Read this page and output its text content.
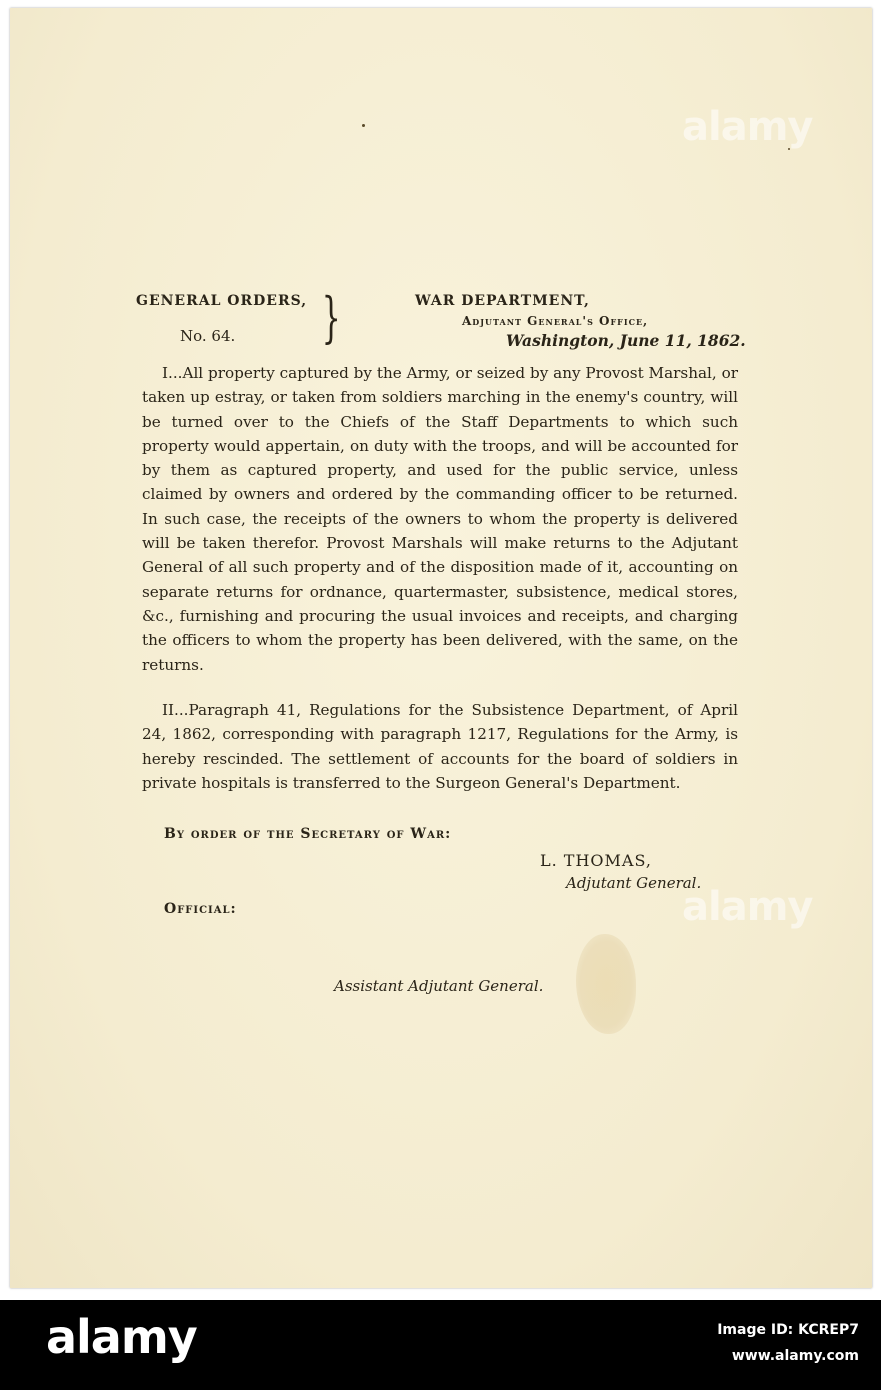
alamy
alamy
GENERAL ORDERS,
No. 64. }	WAR DEPARTMENT,
Adjutant General's Office,
Washington, June 11, 1862.

I...All property captured by the Army, or seized by any Provost Marshal, or taken up estray, or taken from soldiers marching in the enemy's country, will be turned over to the Chiefs of the Staff Departments to which such property would appertain, on duty with the troops, and will be accounted for by them as captured property, and used for the public service, unless claimed by owners and ordered by the commanding officer to be returned. In such case, the receipts of the owners to whom the property is delivered will be taken therefor. Provost Marshals will make returns to the Adjutant General of all such property and of the disposition made of it, accounting on separate returns for ordnance, quartermaster, subsistence, medical stores, &c., furnishing and procuring the usual invoices and receipts, and charging the officers to whom the property has been delivered, with the same, on the returns.

II...Paragraph 41, Regulations for the Subsistence Department, of April 24, 1862, corresponding with paragraph 1217, Regulations for the Army, is hereby rescinded. The settlement of accounts for the board of soldiers in private hospitals is transferred to the Surgeon General's Department.

By order of the Secretary of War:
L. THOMAS,
Adjutant General.
Official:
Assistant Adjutant General.
alamy	Image ID: KCREP7
www.alamy.com
